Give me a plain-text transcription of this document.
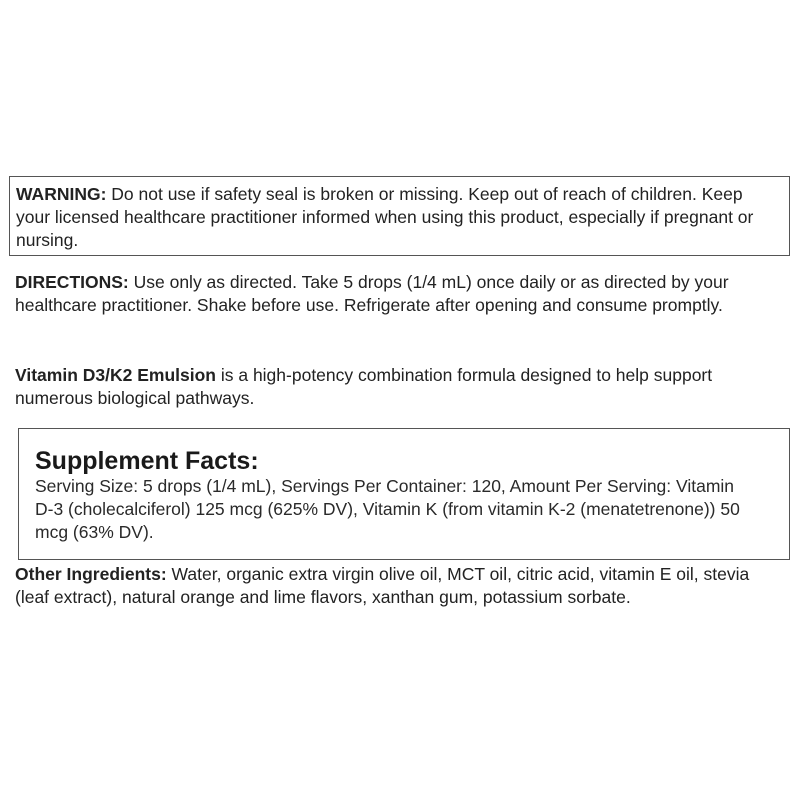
WARNING: Do not use if safety seal is broken or missing. Keep out of reach of children. Keep your licensed healthcare practitioner informed when using this product, especially if pregnant or nursing.

DIRECTIONS: Use only as directed. Take 5 drops (1/4 mL) once daily or as directed by your healthcare practitioner. Shake before use. Refrigerate after opening and consume promptly.

Vitamin D3/K2 Emulsion is a high-potency combination formula designed to help support numerous biological pathways.

Supplement Facts:

Serving Size: 5 drops (1/4 mL), Servings Per Container: 120, Amount Per Serving: Vitamin D-3 (cholecalciferol) 125 mcg (625% DV), Vitamin K (from vitamin K-2 (menatetrenone)) 50 mcg (63% DV).

Other Ingredients: Water, organic extra virgin olive oil, MCT oil, citric acid, vitamin E oil, stevia (leaf extract), natural orange and lime flavors, xanthan gum, potassium sorbate.
